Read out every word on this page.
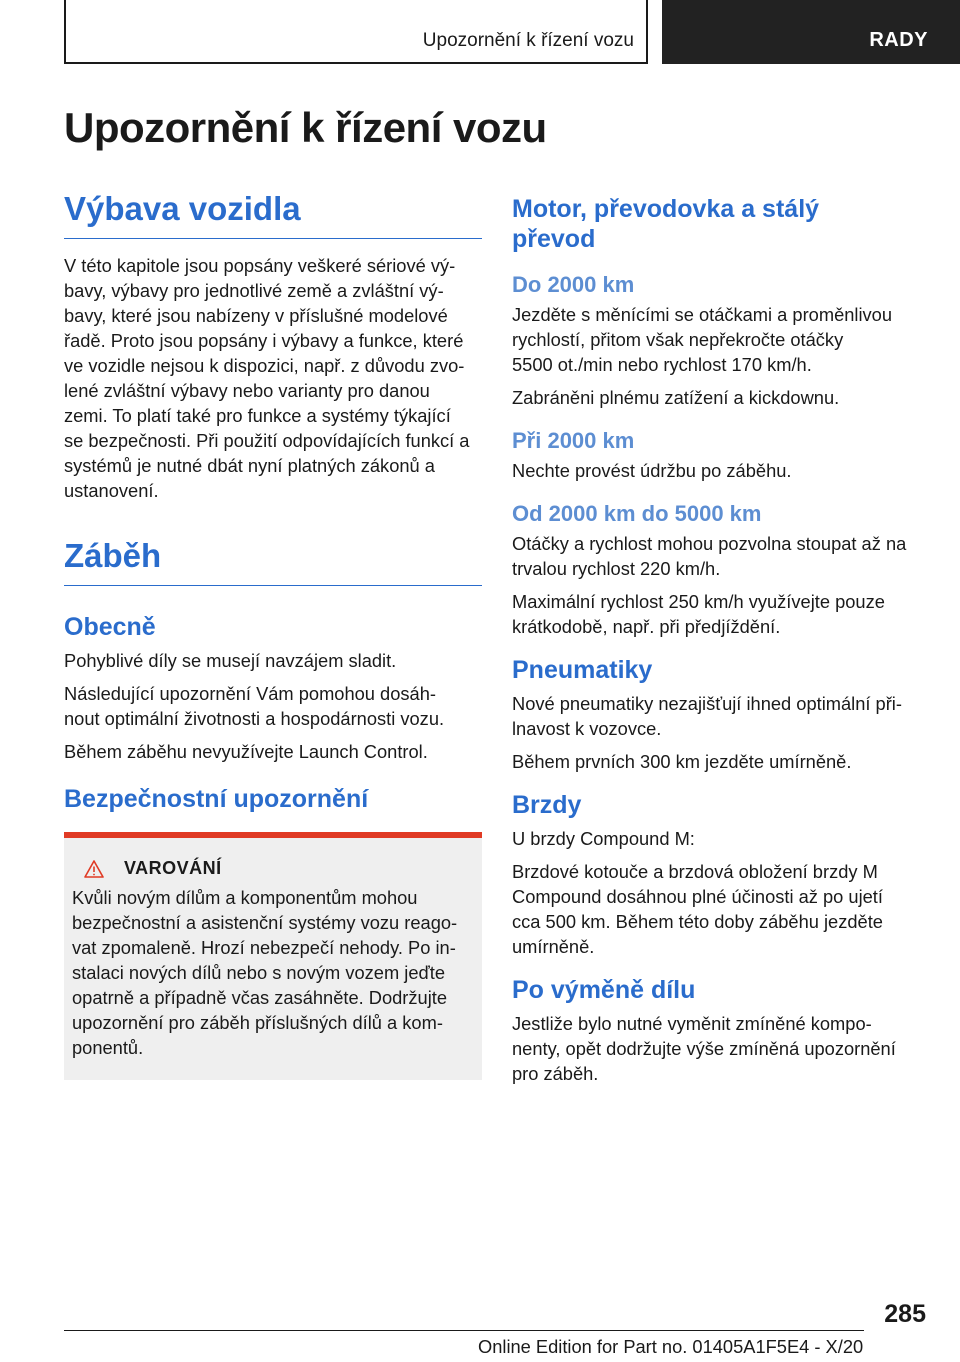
Upozornění k řízení vozu	RADY
Upozornění k řízení vozu
Výbava vozidla

V této kapitole jsou popsány veškeré sériové vý‐
bavy, výbavy pro jednotlivé země a zvláštní vý‐
bavy, které jsou nabízeny v příslušné modelové
řadě. Proto jsou popsány i výbavy a funkce, které
ve vozidle nejsou k dispozici, např. z důvodu zvo‐
lené zvláštní výbavy nebo varianty pro danou
zemi. To platí také pro funkce a systémy týkající
se bezpečnosti. Při použití odpovídajících funkcí a
systémů je nutné dbát nyní platných zákonů a
ustanovení.

Záběh
Obecně

Pohyblivé díly se musejí navzájem sladit.

Následující upozornění Vám pomohou dosáh‐
nout optimální životnosti a hospodárnosti vozu.

Během záběhu nevyužívejte Launch Control.

Bezpečnostní upozornění
VAROVÁNÍ

Kvůli novým dílům a komponentům mohou
bezpečnostní a asistenční systémy vozu reago‐
vat zpomaleně. Hrozí nebezpečí nehody. Po in‐
stalaci nových dílů nebo s novým vozem jeďte
opatrně a případně včas zasáhněte. Dodržujte
upozornění pro záběh příslušných dílů a kom‐
ponentů.

Motor, převodovka a stálý
převod
Do 2000 km

Jezděte s měnícími se otáčkami a proměnlivou
rychlostí, přitom však nepřekročte otáčky
5500 ot./min nebo rychlost 170 km/h.

Zabráněni plnému zatížení a kickdownu.

Při 2000 km

Nechte provést údržbu po záběhu.

Od 2000 km do 5000 km

Otáčky a rychlost mohou pozvolna stoupat až na
trvalou rychlost 220 km/h.

Maximální rychlost 250 km/h využívejte pouze
krátkodobě, např. při předjíždění.

Pneumatiky

Nové pneumatiky nezajišťují ihned optimální při‐
lnavost k vozovce.

Během prvních 300 km jezděte umírněně.

Brzdy

U brzdy Compound M:

Brzdové kotouče a brzdová obložení brzdy M
Compound dosáhnou plné účinosti až po ujetí
cca 500 km. Během této doby záběhu jezděte
umírněně.

Po výměně dílu

Jestliže bylo nutné vyměnit zmíněné kompo‐
nenty, opět dodržujte výše zmíněná upozornění
pro záběh.

285
Online Edition for Part no. 01405A1F5E4 - X/20
